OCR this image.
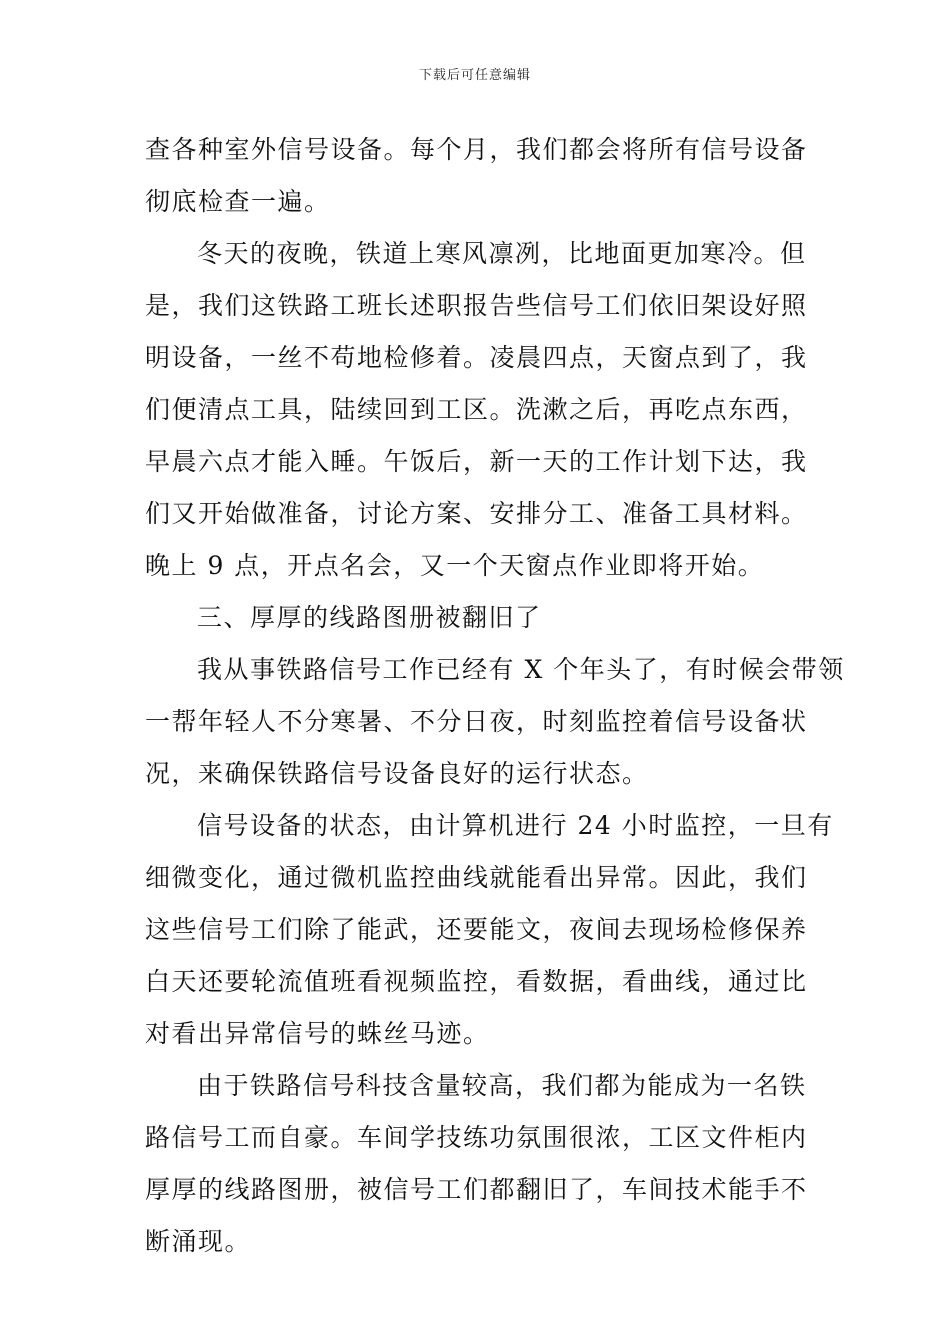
下载后可任意编辑
查各种室外信号设备。每个月，我们都会将所有信号设备
彻底检查一遍。
冬天的夜晚，铁道上寒风凛冽，比地面更加寒冷。但
是，我们这铁路工班长述职报告些信号工们依旧架设好照
明设备，一丝不苟地检修着。凌晨四点，天窗点到了，我
们便清点工具，陆续回到工区。洗漱之后，再吃点东西，
早晨六点才能入睡。午饭后，新一天的工作计划下达，我
们又开始做准备，讨论方案、安排分工、准备工具材料。
晚上 9 点，开点名会，又一个天窗点作业即将开始。
三、厚厚的线路图册被翻旧了
我从事铁路信号工作已经有 X 个年头了，有时候会带领
一帮年轻人不分寒暑、不分日夜，时刻监控着信号设备状
况，来确保铁路信号设备良好的运行状态。
信号设备的状态，由计算机进行 24 小时监控，一旦有
细微变化，通过微机监控曲线就能看出异常。因此，我们
这些信号工们除了能武，还要能文，夜间去现场检修保养
白天还要轮流值班看视频监控，看数据，看曲线，通过比
对看出异常信号的蛛丝马迹。
由于铁路信号科技含量较高，我们都为能成为一名铁
路信号工而自豪。车间学技练功氛围很浓，工区文件柜内
厚厚的线路图册，被信号工们都翻旧了，车间技术能手不
断涌现。
